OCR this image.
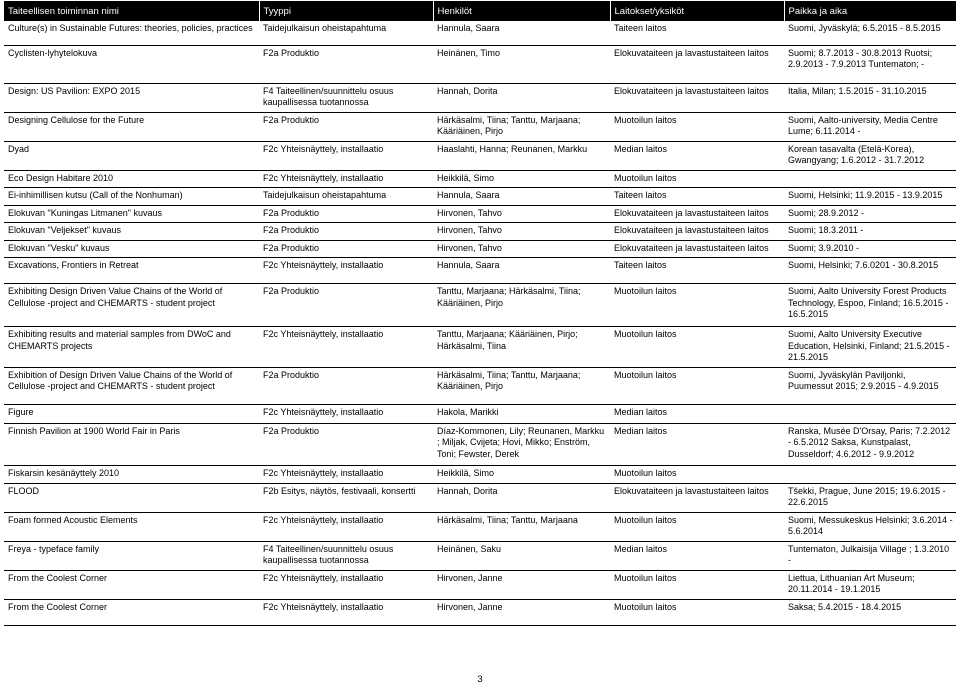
Taiteellisen toiminnan nimi	Tyyppi	Henkilöt	Laitokset/yksiköt	Paikka ja aika
Culture(s) in Sustainable Futures: theories, policies, practices	Taidejulkaisun oheistapahtuma	Hannula, Saara	Taiteen laitos	Suomi, Jyväskylä; 6.5.2015 - 8.5.2015
Cyclisten-lyhytelokuva	F2a Produktio	Heinänen, Timo	Elokuvataiteen ja lavastustaiteen laitos	Suomi; 8.7.2013 - 30.8.2013 Ruotsi; 2.9.2013 - 7.9.2013 Tuntematon; -
Design: US Pavilion: EXPO 2015	F4 Taiteellinen/suunnittelu osuus kaupallisessa tuotannossa	Hannah, Dorita	Elokuvataiteen ja lavastustaiteen laitos	Italia, Milan; 1.5.2015 - 31.10.2015
Designing Cellulose for the Future	F2a Produktio	Härkäsalmi, Tiina; Tanttu, Marjaana; Kääriäinen, Pirjo	Muotoilun laitos	Suomi, Aalto-university, Media Centre Lume; 6.11.2014 -
Dyad	F2c Yhteisnäyttely, installaatio	Haaslahti, Hanna; Reunanen, Markku	Median laitos	Korean tasavalta (Etelä-Korea), Gwangyang; 1.6.2012 - 31.7.2012
Eco Design Habitare 2010	F2c Yhteisnäyttely, installaatio	Heikkilä, Simo	Muotoilun laitos	
Ei-inhimillisen kutsu (Call of the Nonhuman)	Taidejulkaisun oheistapahtuma	Hannula, Saara	Taiteen laitos	Suomi, Helsinki; 11.9.2015 - 13.9.2015
Elokuvan "Kuningas Litmanen" kuvaus	F2a Produktio	Hirvonen, Tahvo	Elokuvataiteen ja lavastustaiteen laitos	Suomi; 28.9.2012 -
Elokuvan "Veljekset" kuvaus	F2a Produktio	Hirvonen, Tahvo	Elokuvataiteen ja lavastustaiteen laitos	Suomi; 18.3.2011 -
Elokuvan "Vesku" kuvaus	F2a Produktio	Hirvonen, Tahvo	Elokuvataiteen ja lavastustaiteen laitos	Suomi; 3.9.2010 -
Excavations, Frontiers in Retreat	F2c Yhteisnäyttely, installaatio	Hannula, Saara	Taiteen laitos	Suomi, Helsinki; 7.6.0201 - 30.8.2015
Exhibiting Design Driven Value Chains of the World of Cellulose -project and CHEMARTS - student project	F2a Produktio	Tanttu, Marjaana; Härkäsalmi, Tiina; Kääriäinen, Pirjo	Muotoilun laitos	Suomi, Aalto University Forest Products Technology, Espoo, Finland; 16.5.2015 - 16.5.2015
Exhibiting results and material samples from DWoC and CHEMARTS projects	F2c Yhteisnäyttely, installaatio	Tanttu, Marjaana; Kääriäinen, Pirjo; Härkäsalmi, Tiina	Muotoilun laitos	Suomi, Aalto University Executive Education, Helsinki, Finland; 21.5.2015 - 21.5.2015
Exhibition of Design Driven Value Chains of the World of Cellulose -project and CHEMARTS - student project	F2a Produktio	Härkäsalmi, Tiina; Tanttu, Marjaana; Kääriäinen, Pirjo	Muotoilun laitos	Suomi, Jyväskylän Paviljonki, Puumessut 2015; 2.9.2015 - 4.9.2015
Figure	F2c Yhteisnäyttely, installaatio	Hakola, Marikki	Median laitos	
Finnish Pavilion at 1900 World Fair in Paris	F2a Produktio	Díaz-Kommonen, Lily; Reunanen, Markku ; Miljak, Cvijeta; Hovi, Mikko; Enström, Toni; Fewster, Derek	Median laitos	Ranska, Musée D'Orsay, Paris; 7.2.2012 - 6.5.2012 Saksa, Kunstpalast, Dusseldorf; 4.6.2012 - 9.9.2012
Fiskarsin kesänäyttely 2010	F2c Yhteisnäyttely, installaatio	Heikkilä, Simo	Muotoilun laitos	
FLOOD	F2b Esitys, näytös, festivaali, konsertti	Hannah, Dorita	Elokuvataiteen ja lavastustaiteen laitos	Tšekki, Prague, June 2015; 19.6.2015 - 22.6.2015
Foam formed Acoustic Elements	F2c Yhteisnäyttely, installaatio	Härkäsalmi, Tiina; Tanttu, Marjaana	Muotoilun laitos	Suomi, Messukeskus Helsinki; 3.6.2014 - 5.6.2014
Freya - typeface family	F4 Taiteellinen/suunnittelu osuus kaupallisessa tuotannossa	Heinänen, Saku	Median laitos	Tuntematon, Julkaisija Village ; 1.3.2010 -
From the Coolest Corner	F2c Yhteisnäyttely, installaatio	Hirvonen, Janne	Muotoilun laitos	Liettua, Lithuanian Art Museum; 20.11.2014 - 19.1.2015
From the Coolest Corner	F2c Yhteisnäyttely, installaatio	Hirvonen, Janne	Muotoilun laitos	Saksa; 5.4.2015 - 18.4.2015
3
